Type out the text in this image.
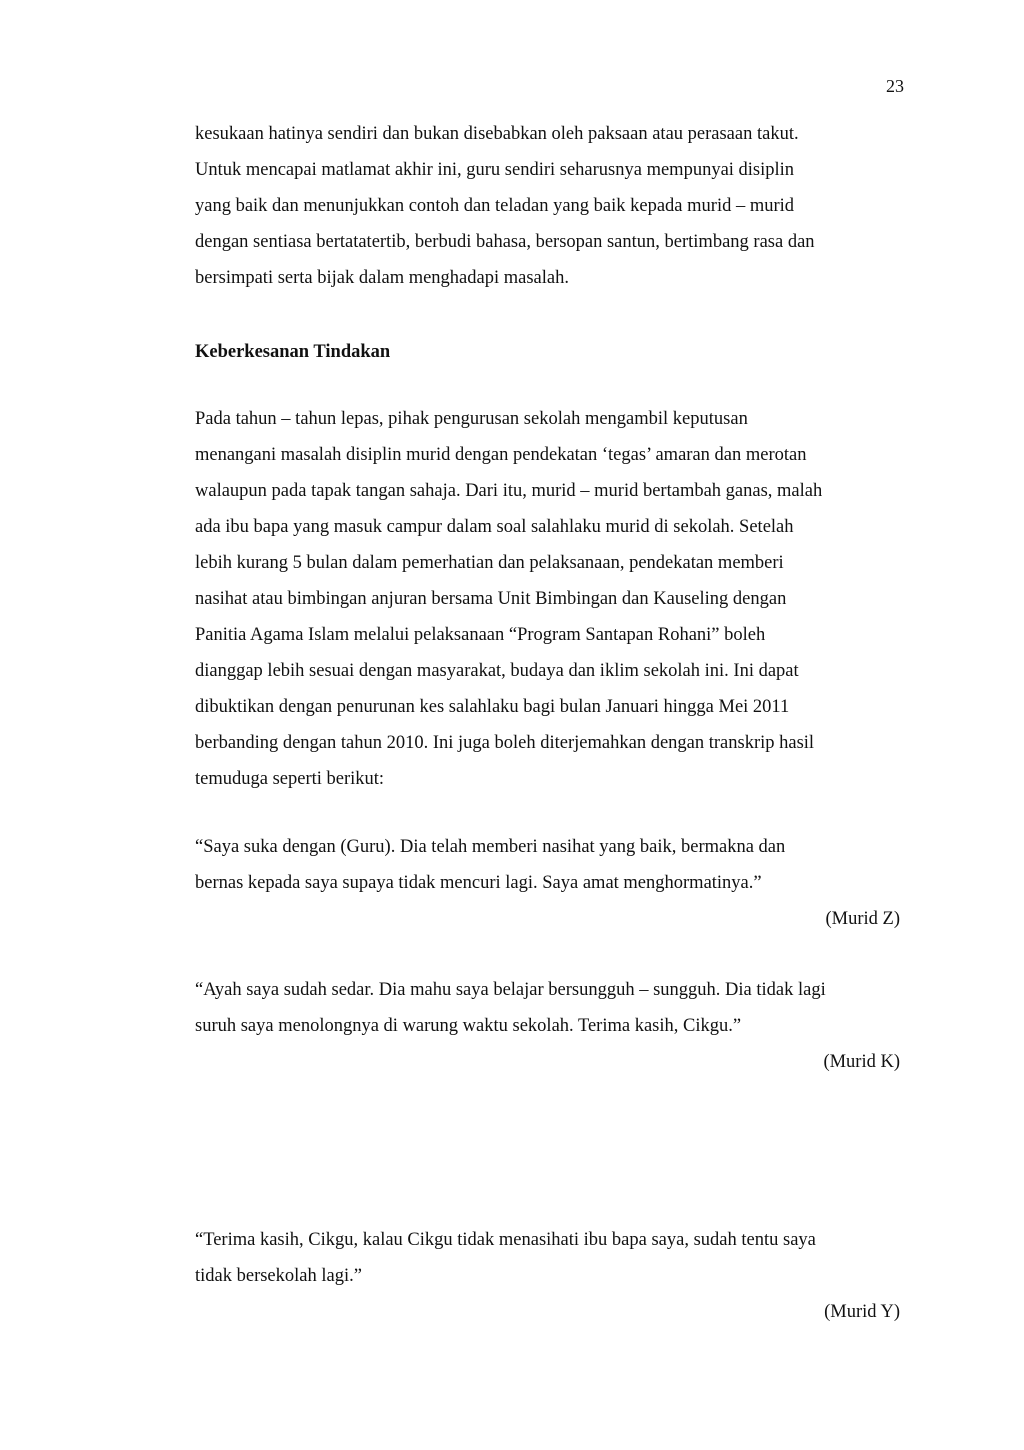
23

kesukaan hatinya sendiri dan bukan disebabkan oleh paksaan atau perasaan takut.
Untuk mencapai matlamat akhir ini, guru sendiri seharusnya mempunyai disiplin
yang baik dan menunjukkan contoh dan teladan yang baik kepada murid – murid
dengan sentiasa bertatatertib, berbudi bahasa, bersopan santun, bertimbang rasa dan
bersimpati serta bijak dalam menghadapi masalah.

Keberkesanan Tindakan

Pada tahun – tahun lepas, pihak pengurusan sekolah mengambil keputusan
menangani masalah disiplin murid dengan pendekatan ‘tegas’ amaran dan merotan
walaupun pada tapak tangan sahaja. Dari itu, murid – murid bertambah ganas, malah
ada ibu bapa yang masuk campur dalam soal salahlaku murid di sekolah. Setelah
lebih kurang 5 bulan dalam pemerhatian dan pelaksanaan, pendekatan memberi
nasihat atau bimbingan anjuran bersama Unit Bimbingan dan Kauseling dengan
Panitia Agama Islam melalui pelaksanaan “Program Santapan Rohani” boleh
dianggap lebih sesuai dengan masyarakat, budaya dan iklim sekolah ini. Ini dapat
dibuktikan dengan penurunan kes salahlaku bagi bulan Januari hingga Mei 2011
berbanding dengan tahun 2010. Ini juga boleh diterjemahkan dengan transkrip hasil
temuduga seperti berikut:

“Saya suka dengan (Guru). Dia telah memberi nasihat yang baik, bermakna dan
bernas kepada saya supaya tidak mencuri lagi. Saya amat menghormatinya.”

(Murid Z)

“Ayah saya sudah sedar. Dia mahu saya belajar bersungguh – sungguh. Dia tidak lagi
suruh saya menolongnya di warung waktu sekolah. Terima kasih, Cikgu.”

(Murid K)

“Terima kasih, Cikgu, kalau Cikgu tidak menasihati ibu bapa saya, sudah tentu saya
tidak bersekolah lagi.”

(Murid Y)
